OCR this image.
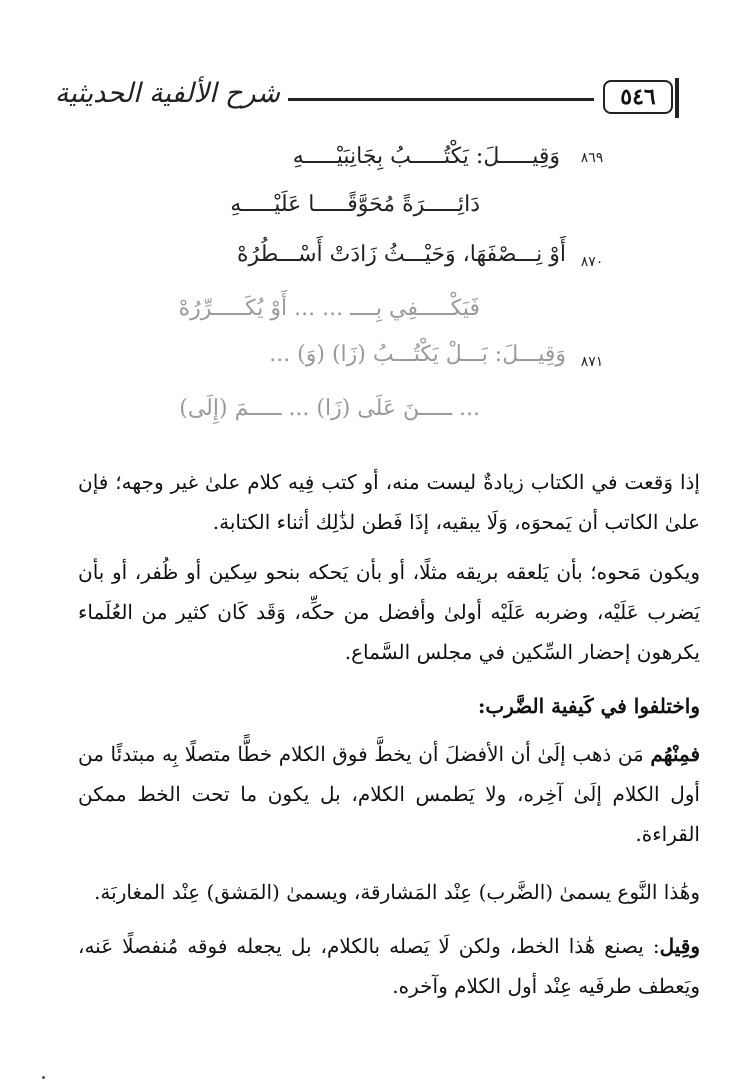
شرح الألفية الحديثية	٥٤٦
٨٦٩
وَقِيـــــلَ: يَكْتُـــــبُ بِجَانِبَيْـــــهِ
دَائِـــــرَةً مُحَوَّقًـــــا عَلَيْـــــهِ
٨٧٠
أَوْ نِـــصْفَهَا، وَحَيْـــثُ زَادَتْ أَسْـــطُرُهْ
فَيَكْـــــفِي بِــــ ... ... أَوْ يُكَـــــرِّرُهْ
٨٧١
وَقِيـــلَ: بَـــلْ يَكْتُـــبُ (زَا) (وَ) ...
... ـــــنَ عَلَى (زَا) ... ـــــمَ (إِلَى)
إذا وَقعت في الكتاب زيادةٌ ليست منه، أو كتب فِيه كلام علىٰ غير وجهه؛ فإن علىٰ الكاتب أن يَمحوَه، وَلَا يبقيه، إذَا فَطن لذَٰلِك أثناء الكتابة.
ويكون مَحوه؛ بأن يَلعقه بريقه مثلًا، أو بأن يَحكه بنحو سِكين أو ظُفر، أو بأن يَضرب عَلَيْه، وضربه عَلَيْه أولىٰ وأفضل من حكِّه، وَقَد كَان كثير من العُلَماء يكرهون إحضار السِّكين في مجلس السَّماع.
واختلفوا في كَيفية الضَّرب:
فمِنْهُم مَن ذهب إلَىٰ أن الأفضلَ أن يخطَّ فوق الكلام خطًّا متصلًا بِه مبتدئًا من أول الكلام إلَىٰ آخِره، ولا يَطمس الكلام، بل يكون ما تحت الخط ممكن القراءة.
وهَٰذا النَّوع يسمىٰ (الضَّرب) عِنْد المَشارقة، ويسمىٰ (المَشق) عِنْد المغاربَة.
وقِيل: يصنع هَٰذا الخط، ولكن لَا يَصله بالكلام، بل يجعله فوقه مُنفصلًا عَنه، ويَعطف طرفَيه عِنْد أول الكلام وآخره.
